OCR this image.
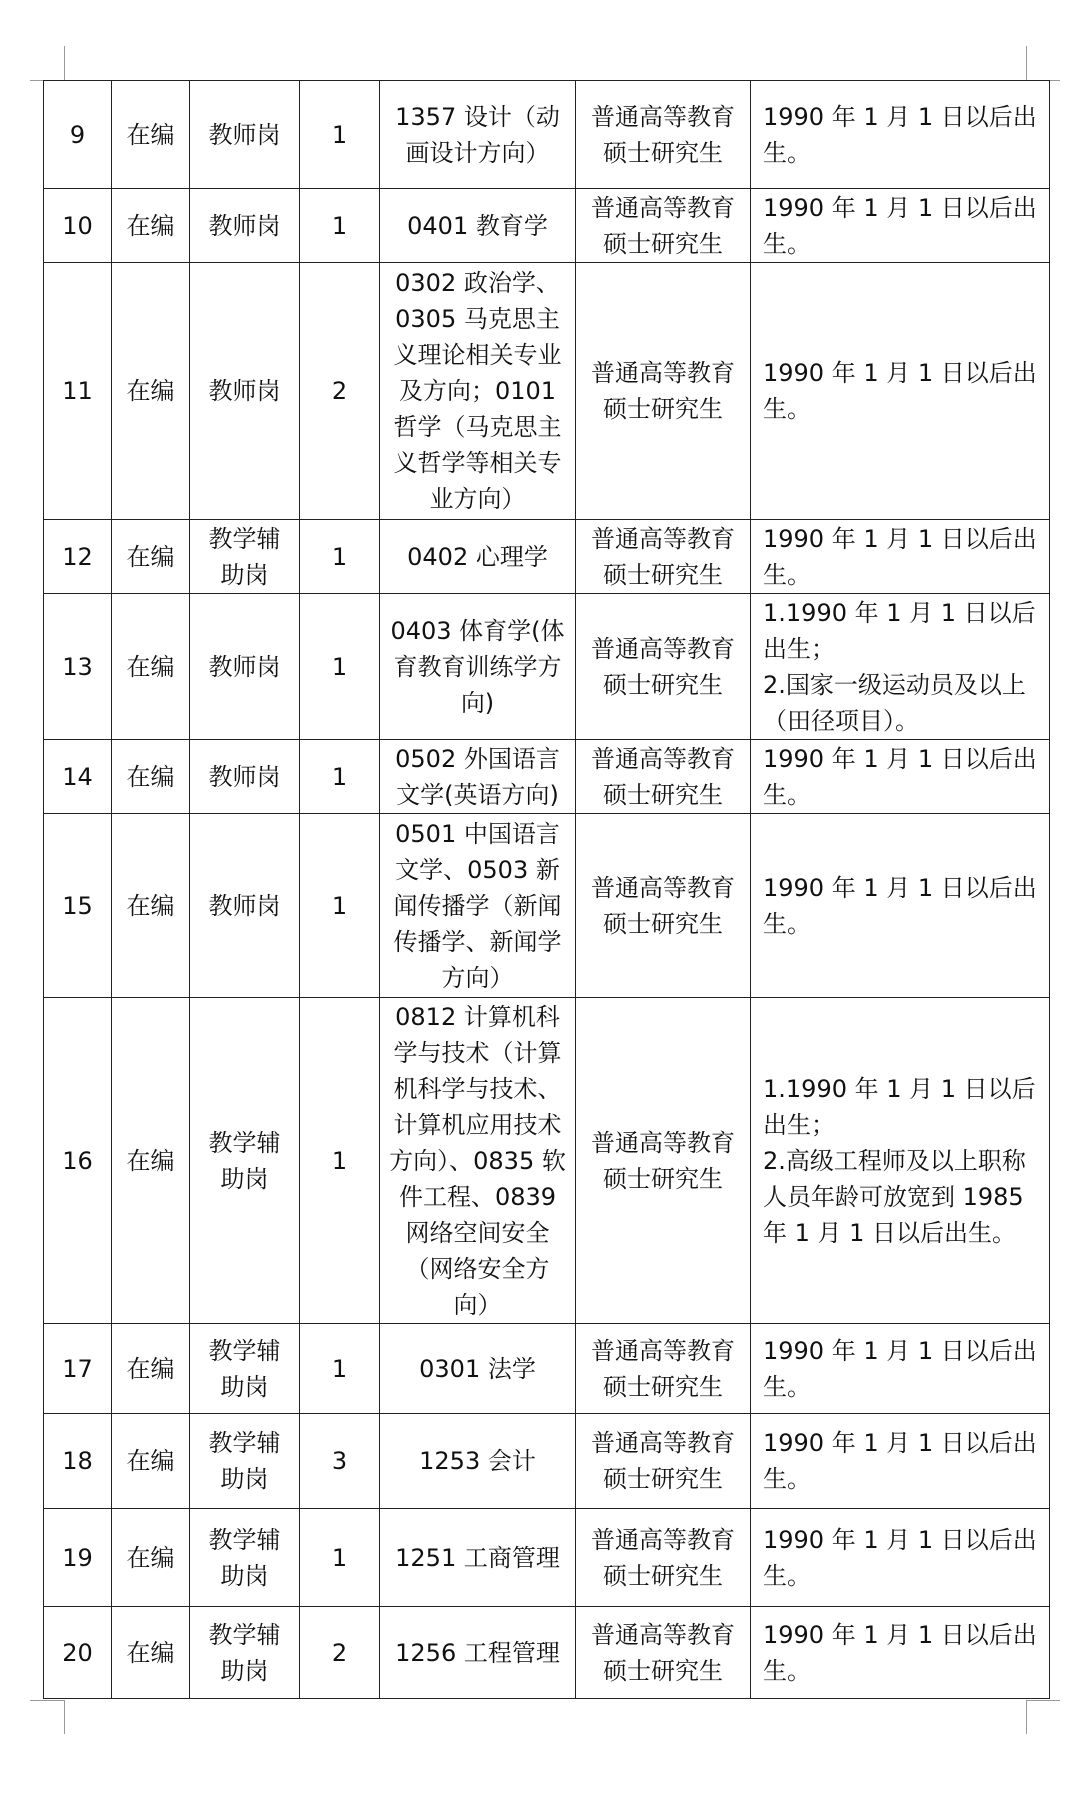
9	在编	教师岗	1	1357 设计（动画设计方向）	普通高等教育硕士研究生	1990 年 1 月 1 日以后出生。

10	在编	教师岗	1	0401 教育学	普通高等教育硕士研究生	1990 年 1 月 1 日以后出生。

11	在编	教师岗	2	0302 政治学、0305 马克思主义理论相关专业及方向；0101 哲学（马克思主义哲学等相关专业方向）	普通高等教育硕士研究生	1990 年 1 月 1 日以后出生。

12	在编	教学辅助岗	1	0402 心理学	普通高等教育硕士研究生	1990 年 1 月 1 日以后出生。

13	在编	教师岗	1	0403 体育学(体育教育训练学方向)	普通高等教育硕士研究生	1.1990 年 1 月 1 日以后出生；
2.国家一级运动员及以上（田径项目）。

14	在编	教师岗	1	0502 外国语言文学(英语方向)	普通高等教育硕士研究生	1990 年 1 月 1 日以后出生。

15	在编	教师岗	1	0501 中国语言文学、0503 新闻传播学（新闻传播学、新闻学方向）	普通高等教育硕士研究生	1990 年 1 月 1 日以后出生。

16	在编	教学辅助岗	1	0812 计算机科学与技术（计算机科学与技术、计算机应用技术方向）、0835 软件工程、0839 网络空间安全（网络安全方向）	普通高等教育硕士研究生	1.1990 年 1 月 1 日以后出生；
2.高级工程师及以上职称人员年龄可放宽到 1985 年 1 月 1 日以后出生。

17	在编	教学辅助岗	1	0301 法学	普通高等教育硕士研究生	1990 年 1 月 1 日以后出生。

18	在编	教学辅助岗	3	1253 会计	普通高等教育硕士研究生	1990 年 1 月 1 日以后出生。

19	在编	教学辅助岗	1	1251 工商管理	普通高等教育硕士研究生	1990 年 1 月 1 日以后出生。

20	在编	教学辅助岗	2	1256 工程管理	普通高等教育硕士研究生	1990 年 1 月 1 日以后出生。
